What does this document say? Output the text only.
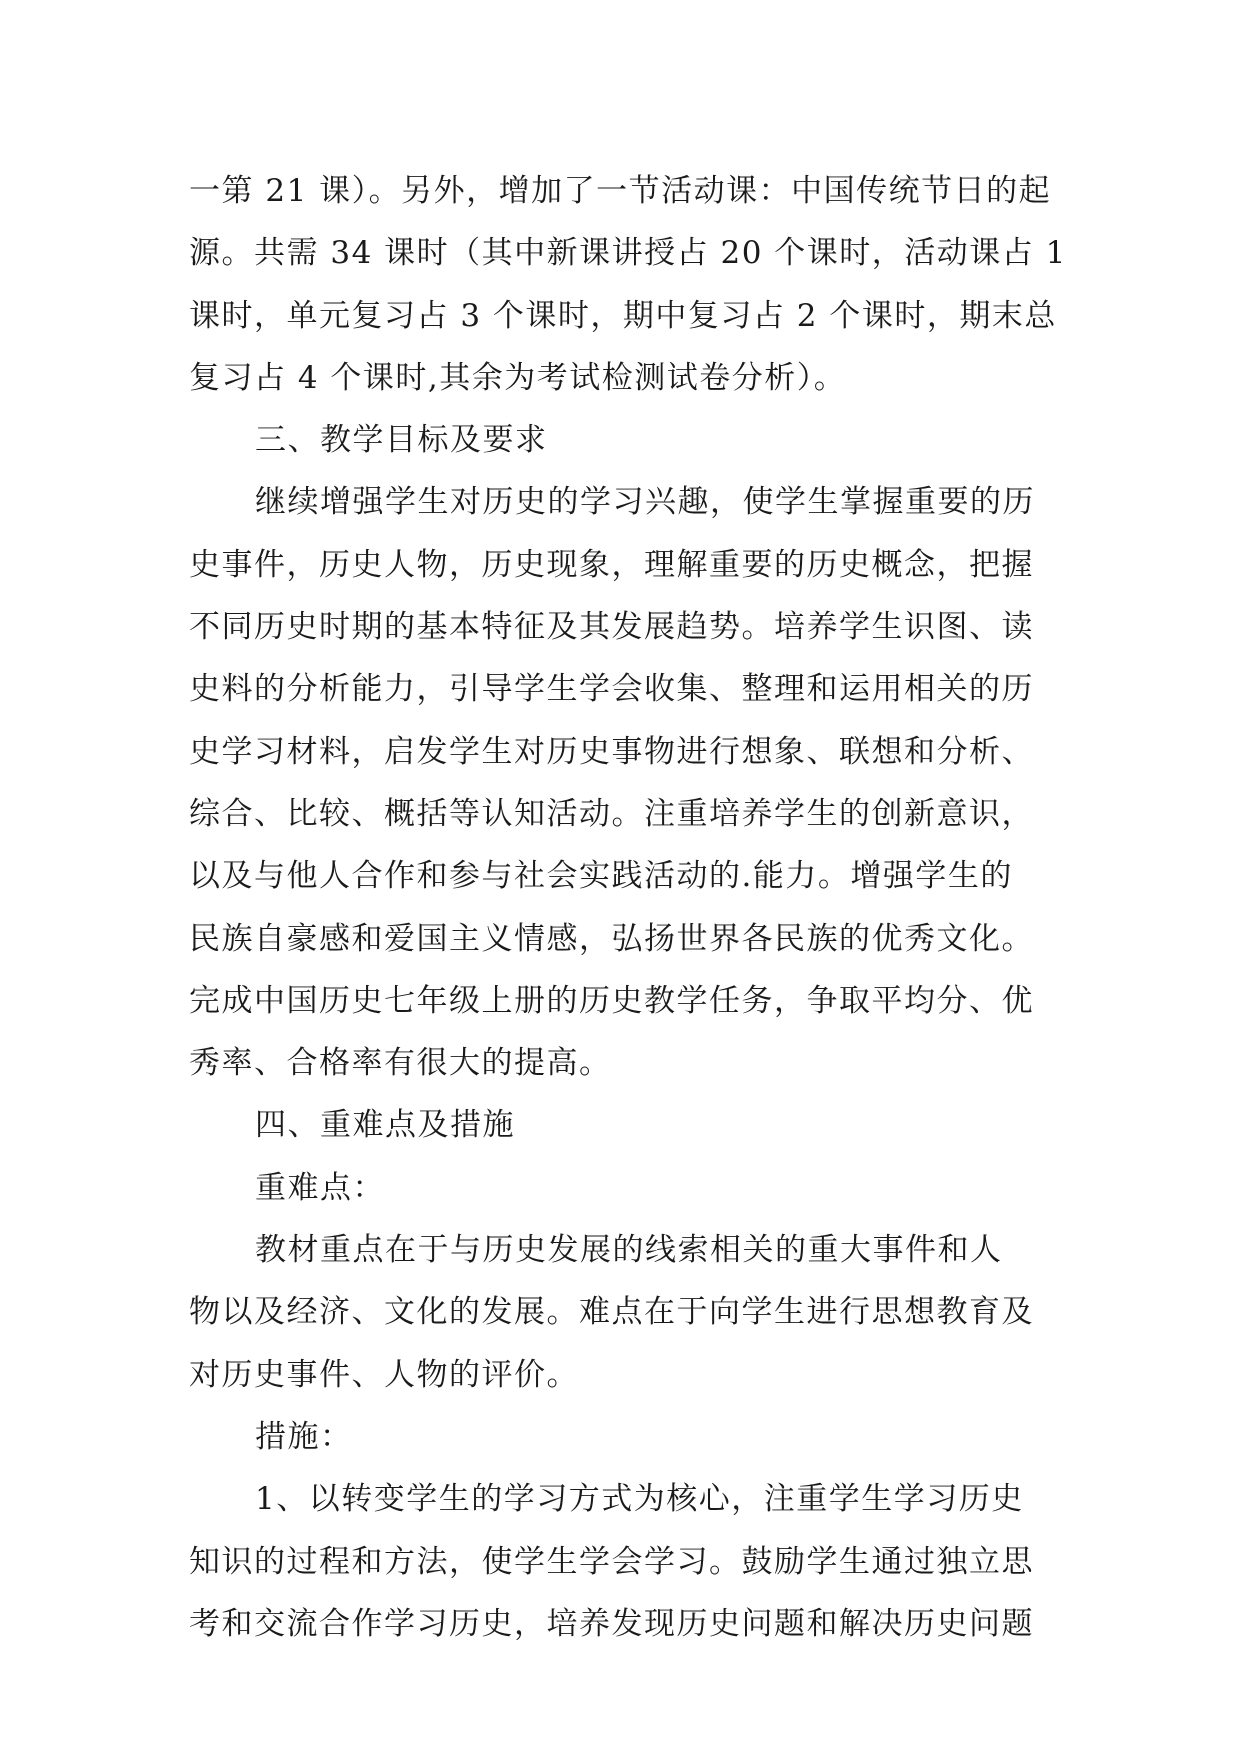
一第 21 课）。另外，增加了一节活动课：中国传统节日的起
源。共需 34 课时（其中新课讲授占 20 个课时，活动课占 1
课时，单元复习占 3 个课时，期中复习占 2 个课时，期末总
复习占 4 个课时,其余为考试检测试卷分析）。
三、教学目标及要求
继续增强学生对历史的学习兴趣，使学生掌握重要的历
史事件，历史人物，历史现象，理解重要的历史概念，把握
不同历史时期的基本特征及其发展趋势。培养学生识图、读
史料的分析能力，引导学生学会收集、整理和运用相关的历
史学习材料，启发学生对历史事物进行想象、联想和分析、
综合、比较、概括等认知活动。注重培养学生的创新意识，
以及与他人合作和参与社会实践活动的.能力。增强学生的
民族自豪感和爱国主义情感，弘扬世界各民族的优秀文化。
完成中国历史七年级上册的历史教学任务，争取平均分、优
秀率、合格率有很大的提高。
四、重难点及措施
重难点：
教材重点在于与历史发展的线索相关的重大事件和人
物以及经济、文化的发展。难点在于向学生进行思想教育及
对历史事件、人物的评价。
措施：
1、以转变学生的学习方式为核心，注重学生学习历史
知识的过程和方法，使学生学会学习。鼓励学生通过独立思
考和交流合作学习历史，培养发现历史问题和解决历史问题
